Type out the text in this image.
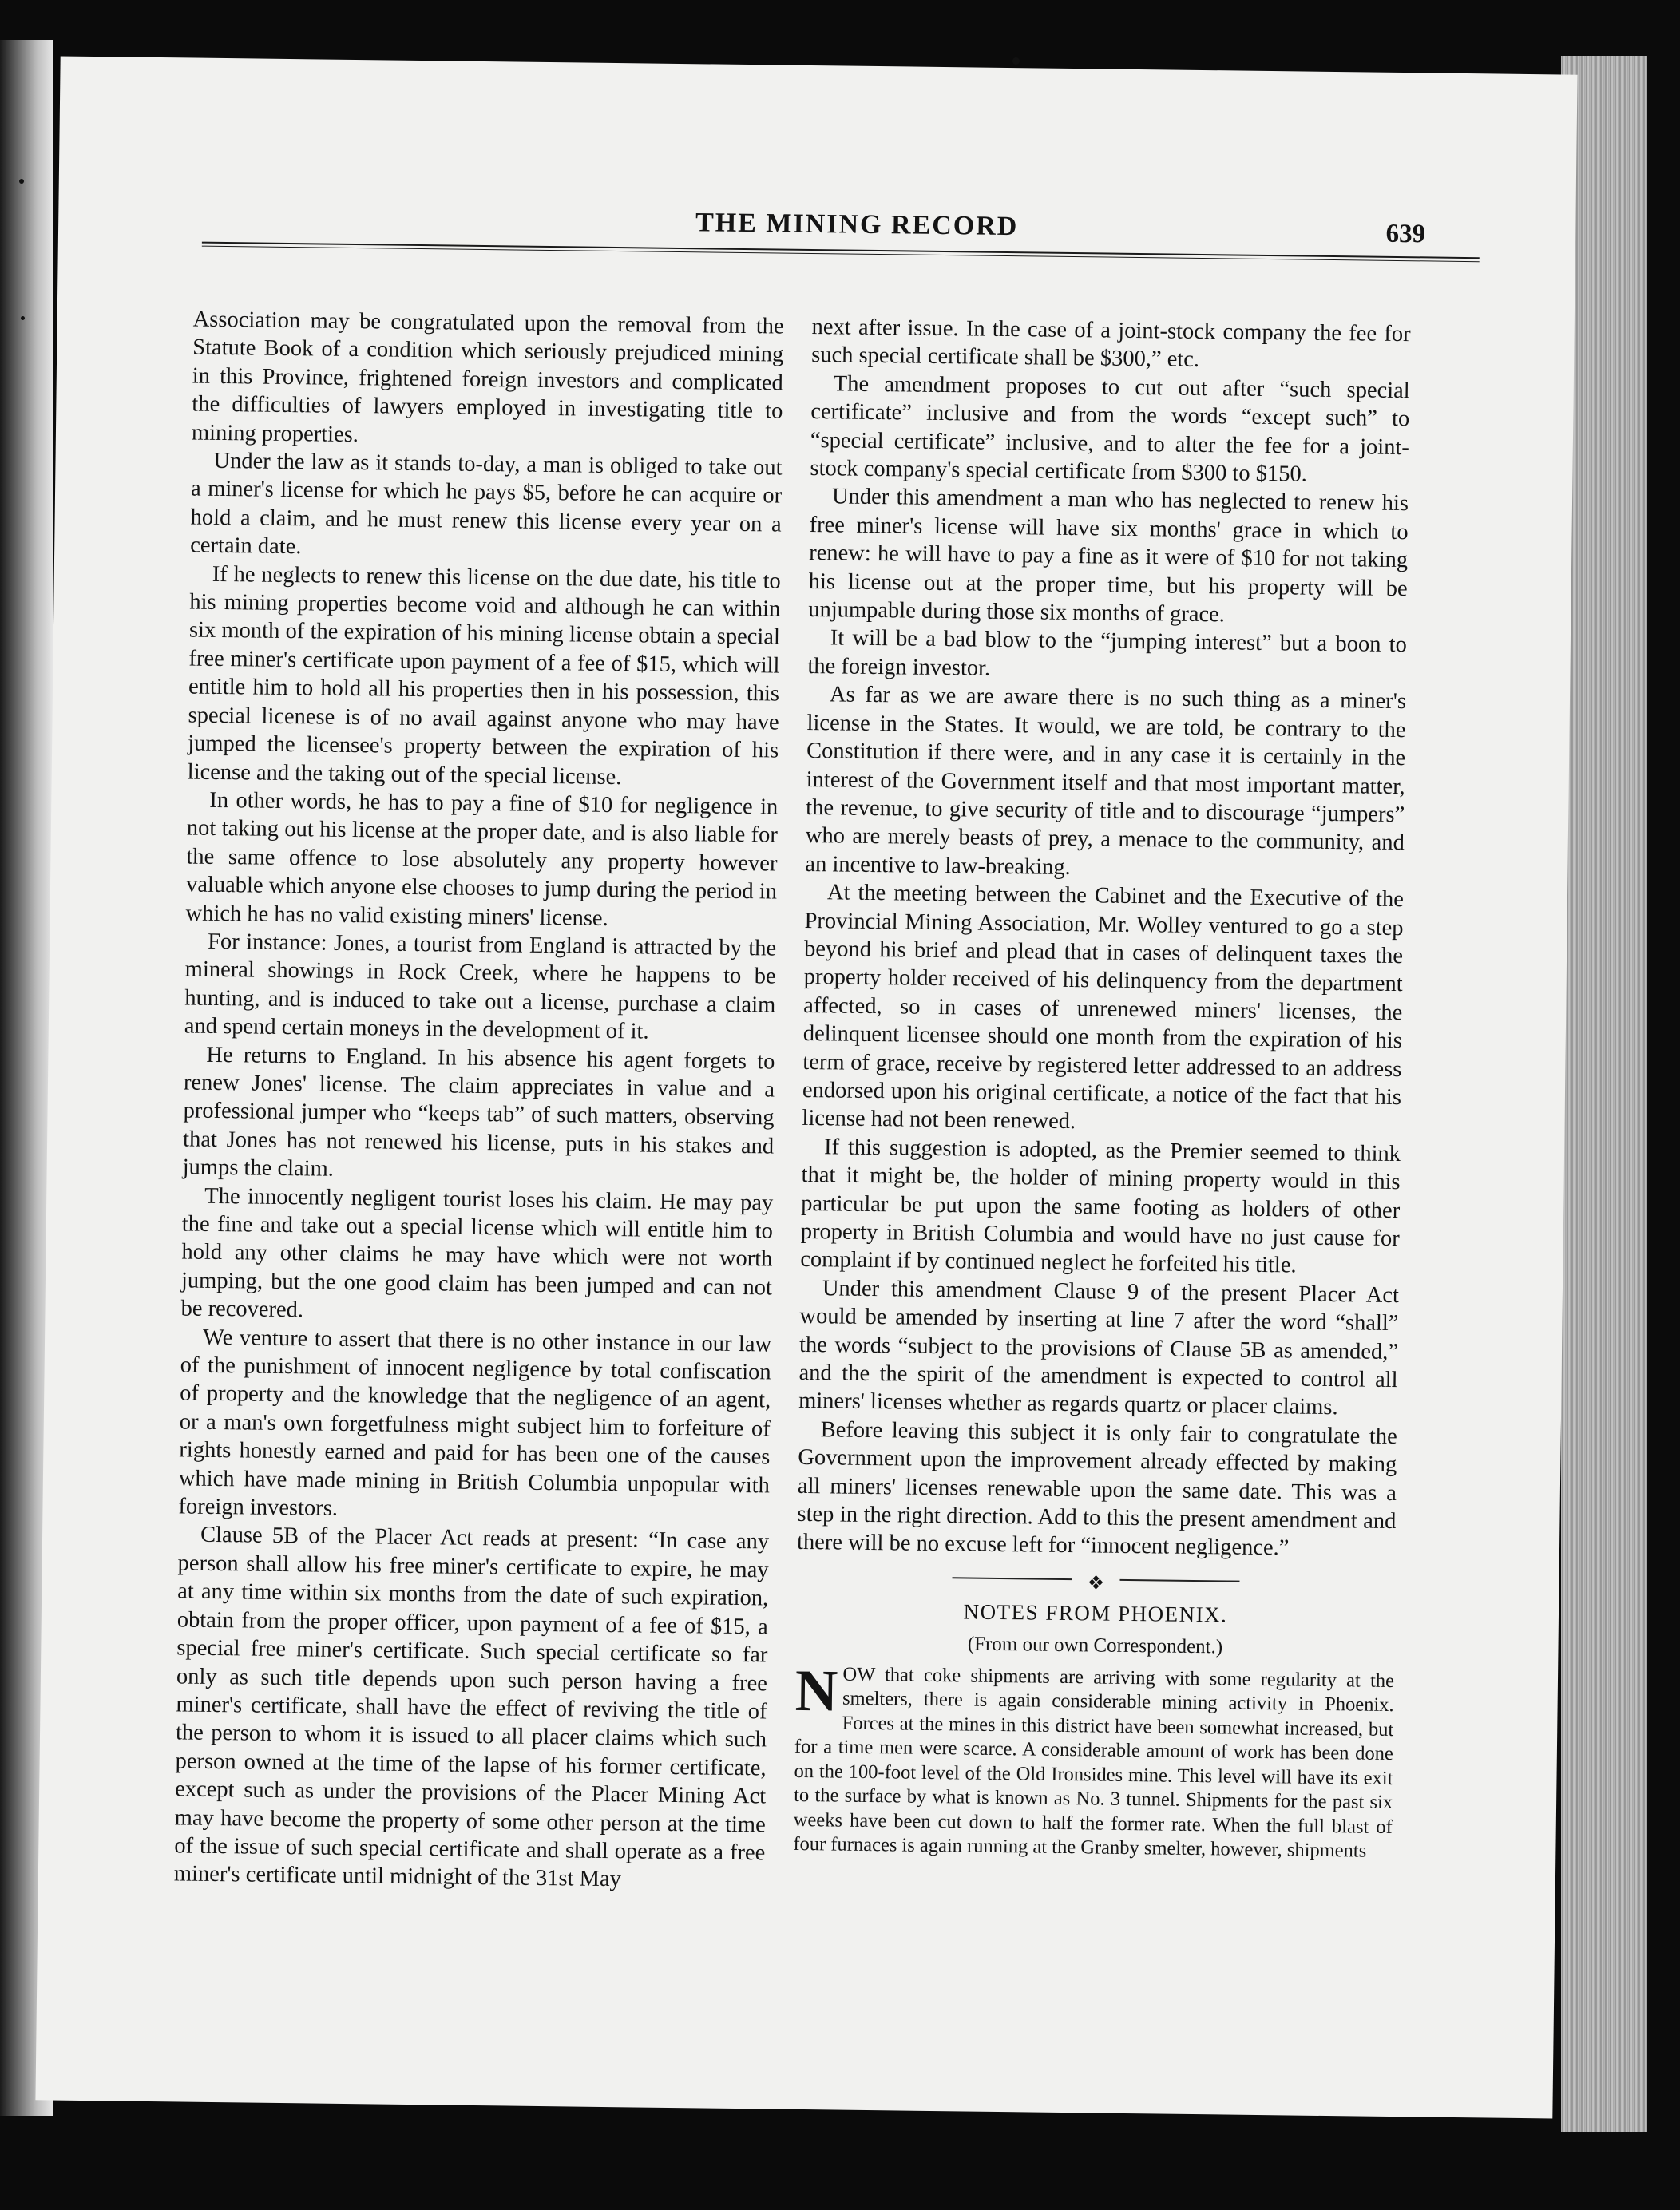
THE MINING RECORD	639

Association may be congratulated upon the removal from the Statute Book of a condition which seriously prejudiced mining in this Province, frightened foreign investors and complicated the difficulties of lawyers employed in investigating title to mining properties.

Under the law as it stands to-day, a man is obliged to take out a miner's license for which he pays $5, before he can acquire or hold a claim, and he must renew this license every year on a certain date.

If he neglects to renew this license on the due date, his title to his mining properties become void and although he can within six month of the expiration of his mining license obtain a special free miner's certificate upon payment of a fee of $15, which will entitle him to hold all his properties then in his possession, this special licenese is of no avail against anyone who may have jumped the licensee's property between the expiration of his license and the taking out of the special license.

In other words, he has to pay a fine of $10 for negligence in not taking out his license at the proper date, and is also liable for the same offence to lose absolutely any property however valuable which anyone else chooses to jump during the period in which he has no valid existing miners' license.

For instance: Jones, a tourist from England is attracted by the mineral showings in Rock Creek, where he happens to be hunting, and is induced to take out a license, purchase a claim and spend certain moneys in the development of it.

He returns to England. In his absence his agent forgets to renew Jones' license. The claim appreciates in value and a professional jumper who “keeps tab” of such matters, observing that Jones has not renewed his license, puts in his stakes and jumps the claim.

The innocently negligent tourist loses his claim. He may pay the fine and take out a special license which will entitle him to hold any other claims he may have which were not worth jumping, but the one good claim has been jumped and can not be recovered.

We venture to assert that there is no other instance in our law of the punishment of innocent negligence by total confiscation of property and the knowledge that the negligence of an agent, or a man's own forgetfulness might subject him to forfeiture of rights honestly earned and paid for has been one of the causes which have made mining in British Columbia unpopular with foreign investors.

Clause 5B of the Placer Act reads at present: “In case any person shall allow his free miner's certificate to expire, he may at any time within six months from the date of such expiration, obtain from the proper officer, upon payment of a fee of $15, a special free miner's certificate. Such special certificate so far only as such title depends upon such person having a free miner's certificate, shall have the effect of reviving the title of the person to whom it is issued to all placer claims which such person owned at the time of the lapse of his former certificate, except such as under the provisions of the Placer Mining Act may have become the property of some other person at the time of the issue of such special certificate and shall operate as a free miner's certificate until midnight of the 31st May

next after issue. In the case of a joint-stock company the fee for such special certificate shall be $300,” etc.

The amendment proposes to cut out after “such special certificate” inclusive and from the words “except such” to “special certificate” inclusive, and to alter the fee for a joint-stock company's special certificate from $300 to $150.

Under this amendment a man who has neglected to renew his free miner's license will have six months' grace in which to renew: he will have to pay a fine as it were of $10 for not taking his license out at the proper time, but his property will be unjumpable during those six months of grace.

It will be a bad blow to the “jumping interest” but a boon to the foreign investor.

As far as we are aware there is no such thing as a miner's license in the States. It would, we are told, be contrary to the Constitution if there were, and in any case it is certainly in the interest of the Government itself and that most important matter, the revenue, to give security of title and to discourage “jumpers” who are merely beasts of prey, a menace to the community, and an incentive to law-breaking.

At the meeting between the Cabinet and the Executive of the Provincial Mining Association, Mr. Wolley ventured to go a step beyond his brief and plead that in cases of delinquent taxes the property holder received of his delinquency from the department affected, so in cases of unrenewed miners' licenses, the delinquent licensee should one month from the expiration of his term of grace, receive by registered letter addressed to an address endorsed upon his original certificate, a notice of the fact that his license had not been renewed.

If this suggestion is adopted, as the Premier seemed to think that it might be, the holder of mining property would in this particular be put upon the same footing as holders of other property in British Columbia and would have no just cause for complaint if by continued neglect he forfeited his title.

Under this amendment Clause 9 of the present Placer Act would be amended by inserting at line 7 after the word “shall” the words “subject to the provisions of Clause 5B as amended,” and the the spirit of the amendment is expected to control all miners' licenses whether as regards quartz or placer claims.

Before leaving this subject it is only fair to congratulate the Government upon the improvement already effected by making all miners' licenses renewable upon the same date. This was a step in the right direction. Add to this the present amendment and there will be no excuse left for “innocent negligence.”

❖
NOTES FROM PHOENIX.
(From our own Correspondent.)
NOW that coke shipments are arriving with some regularity at the smelters, there is again considerable mining activity in Phoenix. Forces at the mines in this district have been somewhat increased, but for a time men were scarce. A considerable amount of work has been done on the 100-foot level of the Old Ironsides mine. This level will have its exit to the surface by what is known as No. 3 tunnel. Shipments for the past six weeks have been cut down to half the former rate. When the full blast of four furnaces is again running at the Granby smelter, however, shipments
